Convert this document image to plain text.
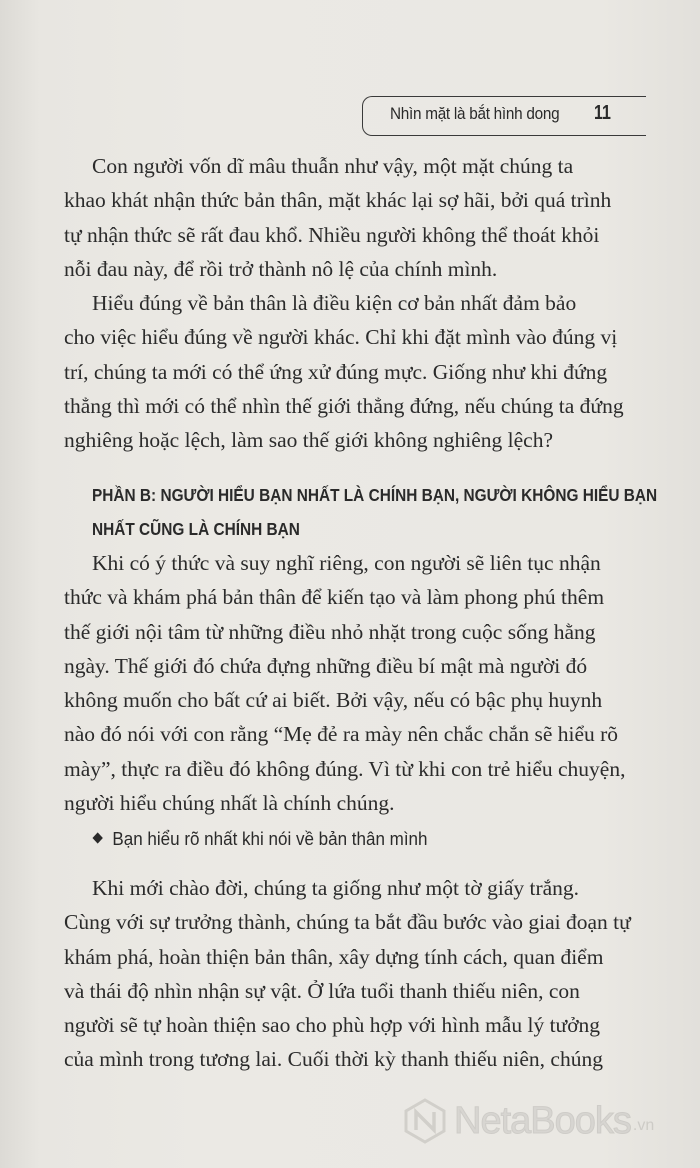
Nhìn mặt là bắt hình dong 11
Con người vốn dĩ mâu thuẫn như vậy, một mặt chúng ta
khao khát nhận thức bản thân, mặt khác lại sợ hãi, bởi quá trình
tự nhận thức sẽ rất đau khổ. Nhiều người không thể thoát khỏi
nỗi đau này, để rồi trở thành nô lệ của chính mình.
Hiểu đúng về bản thân là điều kiện cơ bản nhất đảm bảo
cho việc hiểu đúng về người khác. Chỉ khi đặt mình vào đúng vị
trí, chúng ta mới có thể ứng xử đúng mực. Giống như khi đứng
thẳng thì mới có thể nhìn thế giới thẳng đứng, nếu chúng ta đứng
nghiêng hoặc lệch, làm sao thế giới không nghiêng lệch?
PHẦN B: NGƯỜI HIỂU BẠN NHẤT LÀ CHÍNH BẠN, NGƯỜI KHÔNG HIỂU BẠN
NHẤT CŨNG LÀ CHÍNH BẠN
Khi có ý thức và suy nghĩ riêng, con người sẽ liên tục nhận
thức và khám phá bản thân để kiến tạo và làm phong phú thêm
thế giới nội tâm từ những điều nhỏ nhặt trong cuộc sống hằng
ngày. Thế giới đó chứa đựng những điều bí mật mà người đó
không muốn cho bất cứ ai biết. Bởi vậy, nếu có bậc phụ huynh
nào đó nói với con rằng “Mẹ đẻ ra mày nên chắc chắn sẽ hiểu rõ
mày”, thực ra điều đó không đúng. Vì từ khi con trẻ hiểu chuyện,
người hiểu chúng nhất là chính chúng.
Bạn hiểu rõ nhất khi nói về bản thân mình
Khi mới chào đời, chúng ta giống như một tờ giấy trắng.
Cùng với sự trưởng thành, chúng ta bắt đầu bước vào giai đoạn tự
khám phá, hoàn thiện bản thân, xây dựng tính cách, quan điểm
và thái độ nhìn nhận sự vật. Ở lứa tuổi thanh thiếu niên, con
người sẽ tự hoàn thiện sao cho phù hợp với hình mẫu lý tưởng
của mình trong tương lai. Cuối thời kỳ thanh thiếu niên, chúng
NetaBooks .vn
